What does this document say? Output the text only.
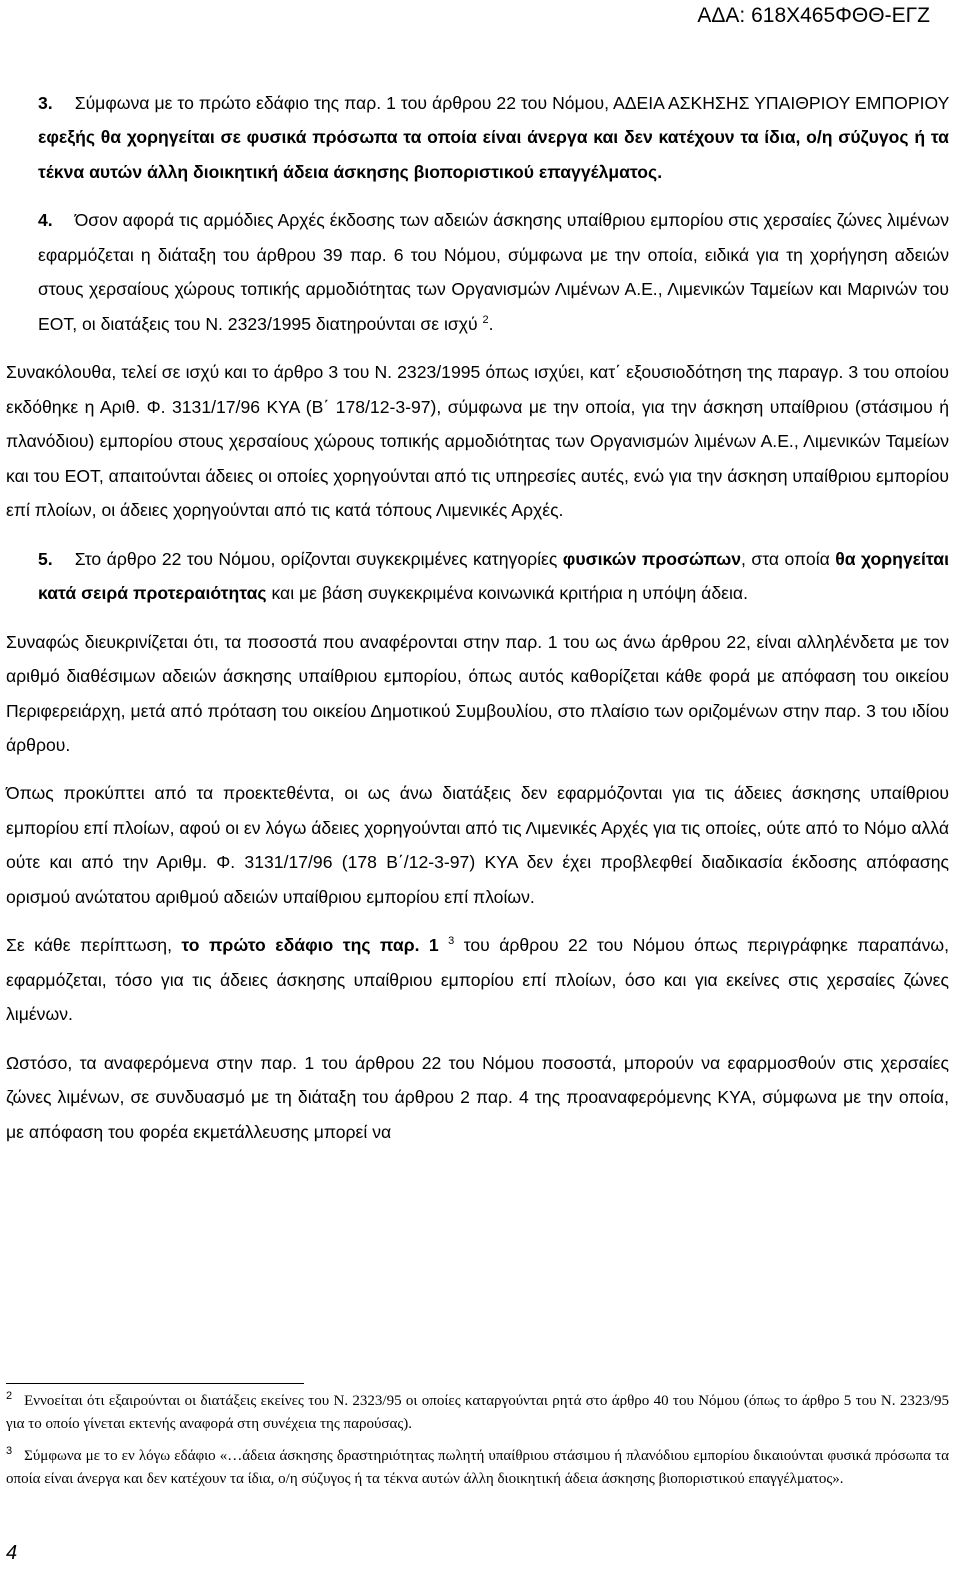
ΑΔΑ: 618Χ465ΦΘΘ-ΕΓΖ

3. Σύμφωνα με το πρώτο εδάφιο της παρ. 1 του άρθρου 22 του Νόμου, ΑΔΕΙΑ ΑΣΚΗΣΗΣ ΥΠΑΙΘΡΙΟΥ ΕΜΠΟΡΙΟΥ εφεξής θα χορηγείται σε φυσικά πρόσωπα τα οποία είναι άνεργα και δεν κατέχουν τα ίδια, ο/η σύζυγος ή τα τέκνα αυτών άλλη διοικητική άδεια άσκησης βιοποριστικού επαγγέλματος.

4. Όσον αφορά τις αρμόδιες Αρχές έκδοσης των αδειών άσκησης υπαίθριου εμπορίου στις χερσαίες ζώνες λιμένων εφαρμόζεται η διάταξη του άρθρου 39 παρ. 6 του Νόμου, σύμφωνα με την οποία, ειδικά για τη χορήγηση αδειών στους χερσαίους χώρους τοπικής αρμοδιότητας των Οργανισμών Λιμένων Α.Ε., Λιμενικών Ταμείων και Μαρινών του ΕΟΤ, οι διατάξεις του Ν. 2323/1995 διατηρούνται σε ισχύ $^2$.

Συνακόλουθα, τελεί σε ισχύ και το άρθρο 3 του Ν. 2323/1995 όπως ισχύει, κατ΄ εξουσιοδότηση της παραγρ. 3 του οποίου εκδόθηκε η Αριθ. Φ. 3131/17/96 ΚΥΑ (Β΄ 178/12-3-97), σύμφωνα με την οποία, για την άσκηση υπαίθριου (στάσιμου ή πλανόδιου) εμπορίου στους χερσαίους χώρους τοπικής αρμοδιότητας των Οργανισμών λιμένων Α.Ε., Λιμενικών Ταμείων και του ΕΟΤ, απαιτούνται άδειες οι οποίες χορηγούνται από τις υπηρεσίες αυτές, ενώ για την άσκηση υπαίθριου εμπορίου επί πλοίων, οι άδειες χορηγούνται από τις κατά τόπους Λιμενικές Αρχές.

5. Στο άρθρο 22 του Νόμου, ορίζονται συγκεκριμένες κατηγορίες φυσικών προσώπων, στα οποία θα χορηγείται κατά σειρά προτεραιότητας και με βάση συγκεκριμένα κοινωνικά κριτήρια η υπόψη άδεια.

Συναφώς διευκρινίζεται ότι, τα ποσοστά που αναφέρονται στην παρ. 1 του ως άνω άρθρου 22, είναι αλληλένδετα με τον αριθμό διαθέσιμων αδειών άσκησης υπαίθριου εμπορίου, όπως αυτός καθορίζεται κάθε φορά με απόφαση του οικείου Περιφερειάρχη, μετά από πρόταση του οικείου Δημοτικού Συμβουλίου, στο πλαίσιο των οριζομένων στην παρ. 3 του ιδίου άρθρου.

Όπως προκύπτει από τα προεκτεθέντα, οι ως άνω διατάξεις δεν εφαρμόζονται για τις άδειες άσκησης υπαίθριου εμπορίου επί πλοίων, αφού οι εν λόγω άδειες χορηγούνται από τις Λιμενικές Αρχές για τις οποίες, ούτε από το Νόμο αλλά ούτε και από την Αριθμ. Φ. 3131/17/96 (178 Β΄/12-3-97) ΚΥΑ δεν έχει προβλεφθεί διαδικασία έκδοσης απόφασης ορισμού ανώτατου αριθμού αδειών υπαίθριου εμπορίου επί πλοίων.

Σε κάθε περίπτωση, το πρώτο εδάφιο της παρ. 1 $^3$ του άρθρου 22 του Νόμου όπως περιγράφηκε παραπάνω, εφαρμόζεται, τόσο για τις άδειες άσκησης υπαίθριου εμπορίου επί πλοίων, όσο και για εκείνες στις χερσαίες ζώνες λιμένων.

Ωστόσο, τα αναφερόμενα στην παρ. 1 του άρθρου 22 του Νόμου ποσοστά, μπορούν να εφαρμοσθούν στις χερσαίες ζώνες λιμένων, σε συνδυασμό με τη διάταξη του άρθρου 2 παρ. 4 της προαναφερόμενης ΚΥΑ, σύμφωνα με την οποία, με απόφαση του φορέα εκμετάλλευσης μπορεί να

$^2$ Εννοείται ότι εξαιρούνται οι διατάξεις εκείνες του Ν. 2323/95 οι οποίες καταργούνται ρητά στο άρθρο 40 του Νόμου (όπως το άρθρο 5 του Ν. 2323/95 για το οποίο γίνεται εκτενής αναφορά στη συνέχεια της παρούσας).

$^3$ Σύμφωνα με το εν λόγω εδάφιο «…άδεια άσκησης δραστηριότητας πωλητή υπαίθριου στάσιμου ή πλανόδιου εμπορίου δικαιούνται φυσικά πρόσωπα τα οποία είναι άνεργα και δεν κατέχουν τα ίδια, ο/η σύζυγος ή τα τέκνα αυτών άλλη διοικητική άδεια άσκησης βιοποριστικού επαγγέλματος».

4
